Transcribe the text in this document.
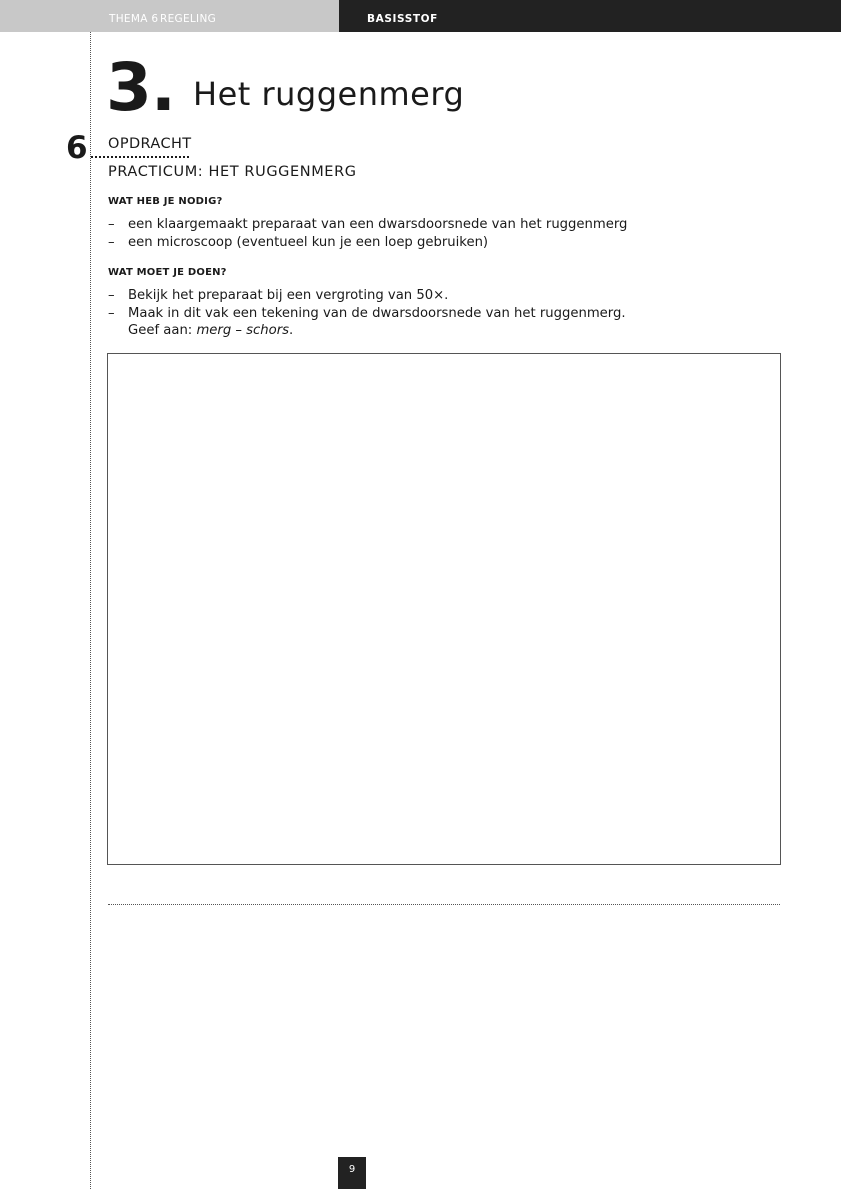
THEMA 6 REGELING	BASISSTOF
3. Het ruggenmerg
6 OPDRACHT
PRACTICUM: HET RUGGENMERG
WAT HEB JE NODIG?
– een klaargemaakt preparaat van een dwarsdoorsnede van het ruggenmerg
– een microscoop (eventueel kun je een loep gebruiken)
WAT MOET JE DOEN?
– Bekijk het preparaat bij een vergroting van 50×.
– Maak in dit vak een tekening van de dwarsdoorsnede van het ruggenmerg.
Geef aan: merg – schors.
9
